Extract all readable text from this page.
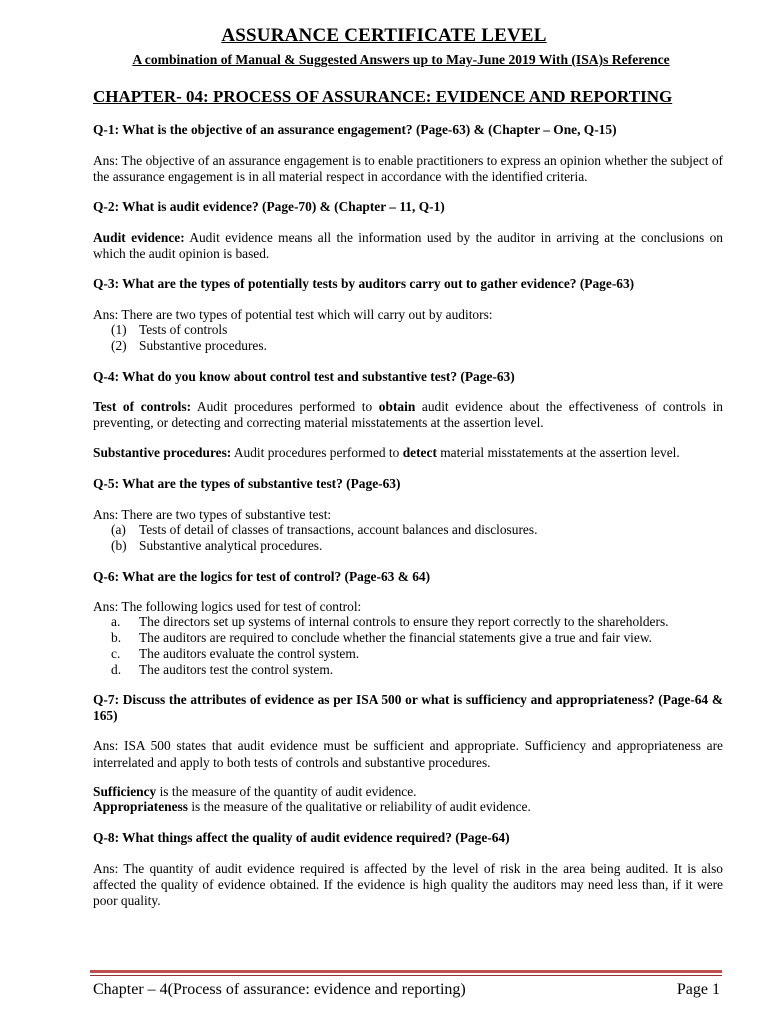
ASSURANCE CERTIFICATE LEVEL
A combination of Manual & Suggested Answers up to May-June 2019 With (ISA)s Reference
CHAPTER- 04: PROCESS OF ASSURANCE: EVIDENCE AND REPORTING

Q-1: What is the objective of an assurance engagement? (Page-63) & (Chapter – One, Q-15)

Ans: The objective of an assurance engagement is to enable practitioners to express an opinion whether the subject of the assurance engagement is in all material respect in accordance with the identified criteria.

Q-2: What is audit evidence? (Page-70) & (Chapter – 11, Q-1)

Audit evidence: Audit evidence means all the information used by the auditor in arriving at the conclusions on which the audit opinion is based.

Q-3: What are the types of potentially tests by auditors carry out to gather evidence? (Page-63)

Ans: There are two types of potential test which will carry out by auditors:

(1) Tests of controls
(2) Substantive procedures.

Q-4: What do you know about control test and substantive test? (Page-63)

Test of controls: Audit procedures performed to obtain audit evidence about the effectiveness of controls in preventing, or detecting and correcting material misstatements at the assertion level.

Substantive procedures: Audit procedures performed to detect material misstatements at the assertion level.

Q-5: What are the types of substantive test? (Page-63)

Ans: There are two types of substantive test:

(a) Tests of detail of classes of transactions, account balances and disclosures.
(b) Substantive analytical procedures.

Q-6: What are the logics for test of control? (Page-63 & 64)

Ans: The following logics used for test of control:

a. The directors set up systems of internal controls to ensure they report correctly to the shareholders.
b. The auditors are required to conclude whether the financial statements give a true and fair view.
c. The auditors evaluate the control system.
d. The auditors test the control system.

Q-7: Discuss the attributes of evidence as per ISA 500 or what is sufficiency and appropriateness? (Page-64 & 165)

Ans: ISA 500 states that audit evidence must be sufficient and appropriate. Sufficiency and appropriateness are interrelated and apply to both tests of controls and substantive procedures.

Sufficiency is the measure of the quantity of audit evidence.

Appropriateness is the measure of the qualitative or reliability of audit evidence.

Q-8: What things affect the quality of audit evidence required? (Page-64)

Ans: The quantity of audit evidence required is affected by the level of risk in the area being audited. It is also affected the quality of evidence obtained. If the evidence is high quality the auditors may need less than, if it were poor quality.

Chapter – 4(Process of assurance: evidence and reporting)	Page 1
